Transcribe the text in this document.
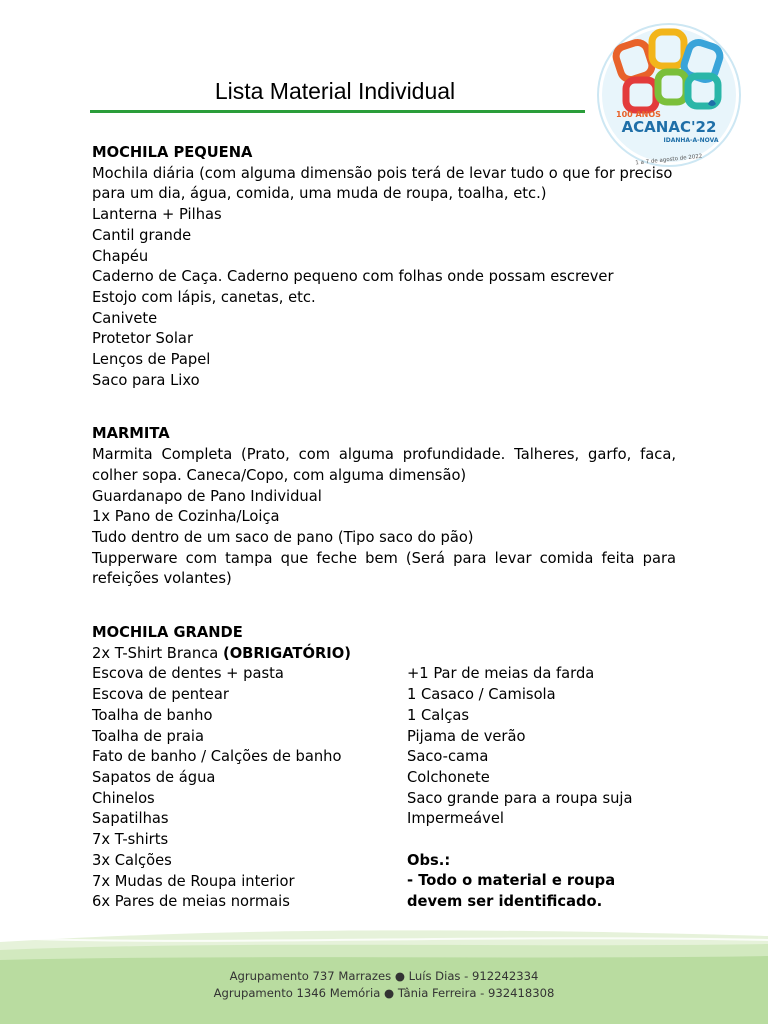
Lista Material Individual
100 ANOS
ACANAC'22
IDANHA-A-NOVA
1 a 7 de agosto de 2022
MOCHILA PEQUENA
Mochila diária (com alguma dimensão pois terá de levar tudo o que for preciso para um dia, água, comida, uma muda de roupa, toalha, etc.)
Lanterna + Pilhas
Cantil grande
Chapéu
Caderno de Caça. Caderno pequeno com folhas onde possam escrever
Estojo com lápis, canetas, etc.
Canivete
Protetor Solar
Lenços de Papel
Saco para Lixo
MARMITA
Marmita Completa (Prato, com alguma profundidade. Talheres, garfo, faca, colher sopa. Caneca/Copo, com alguma dimensão)
Guardanapo de Pano Individual
1x Pano de Cozinha/Loiça
Tudo dentro de um saco de pano (Tipo saco do pão)
Tupperware com tampa que feche bem (Será para levar comida feita para refeições volantes)
MOCHILA GRANDE
2x T-Shirt Branca (OBRIGATÓRIO)
Escova de dentes + pasta
Escova de pentear
Toalha de banho
Toalha de praia
Fato de banho / Calções de banho
Sapatos de água
Chinelos
Sapatilhas
7x T-shirts
3x Calções
7x Mudas de Roupa interior
6x Pares de meias normais
+1 Par de meias da farda
1 Casaco / Camisola
1 Calças
Pijama de verão
Saco-cama
Colchonete
Saco grande para a roupa suja
Impermeável
Obs.:
- Todo o material e roupa
devem ser identificado.
Agrupamento 737 Marrazes ● Luís Dias - 912242334
Agrupamento 1346 Memória ● Tânia Ferreira - 932418308
